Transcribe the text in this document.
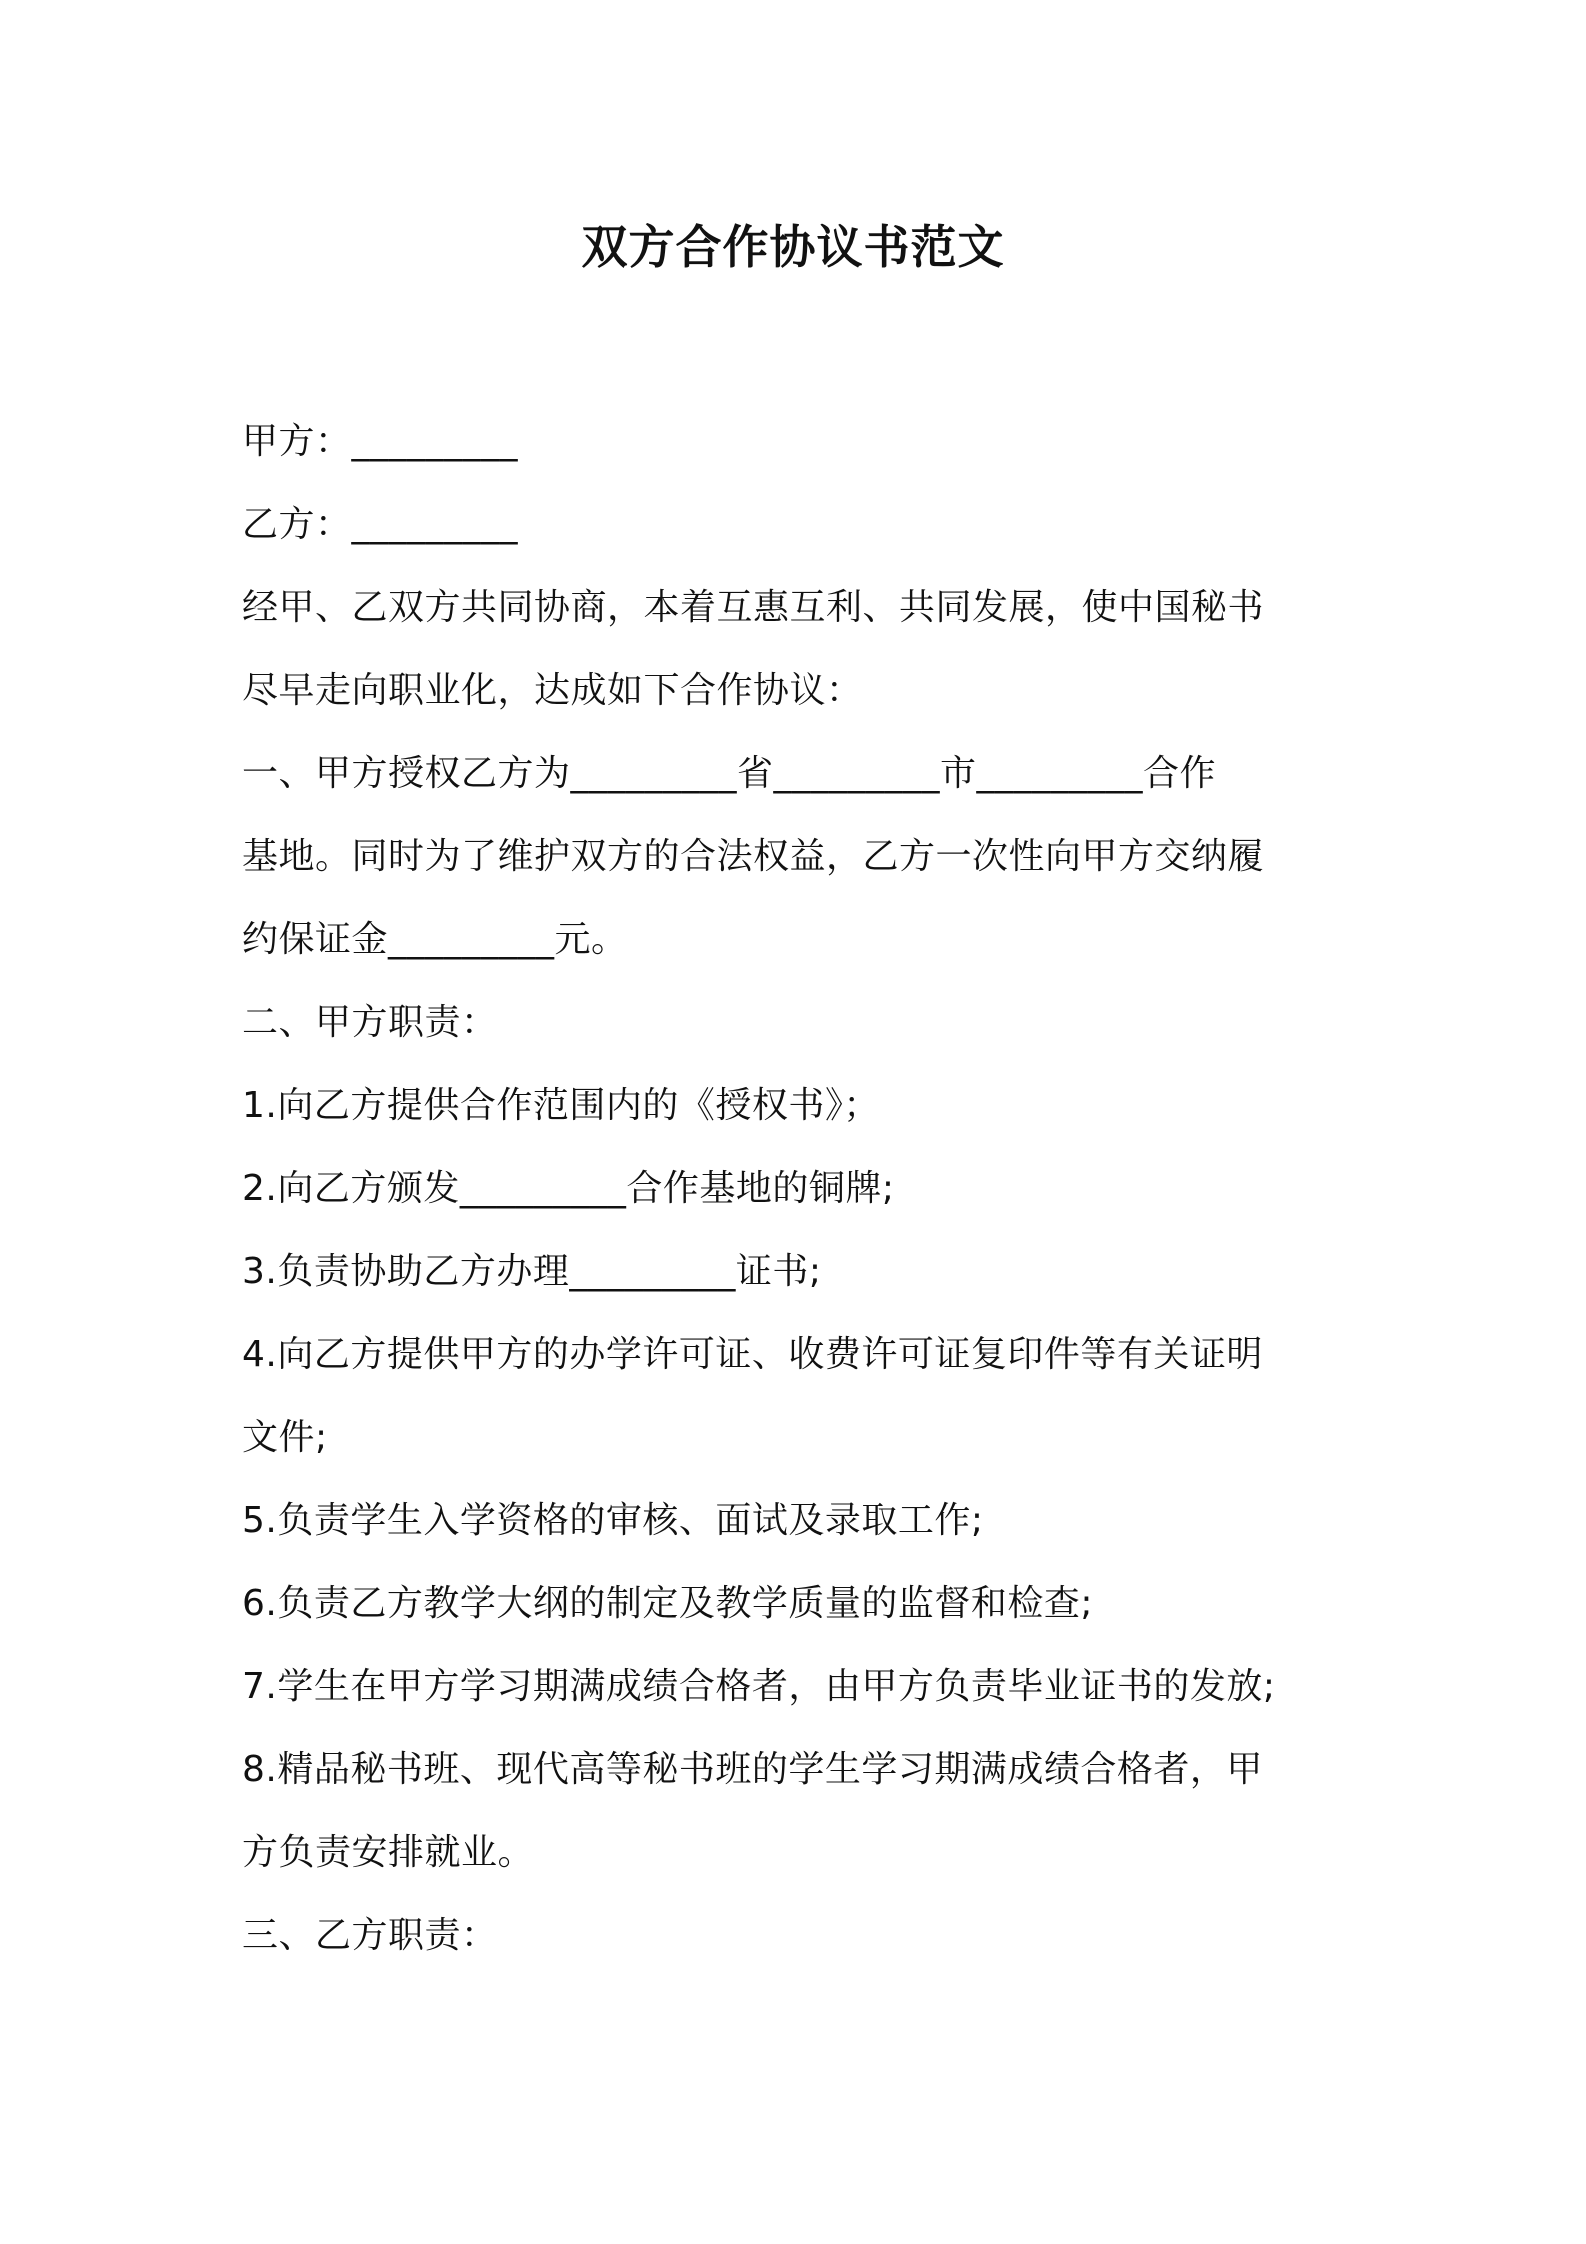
双方合作协议书范文
甲方：_________
乙方：_________
经甲、乙双方共同协商，本着互惠互利、共同发展，使中国秘书
尽早走向职业化，达成如下合作协议：
一、甲方授权乙方为_________省_________市_________合作
基地。同时为了维护双方的合法权益，乙方一次性向甲方交纳履
约保证金_________元。
二、甲方职责：
1.向乙方提供合作范围内的《授权书》；
2.向乙方颁发_________合作基地的铜牌;
3.负责协助乙方办理_________证书;
4.向乙方提供甲方的办学许可证、收费许可证复印件等有关证明
文件;
5.负责学生入学资格的审核、面试及录取工作;
6.负责乙方教学大纲的制定及教学质量的监督和检查;
7.学生在甲方学习期满成绩合格者，由甲方负责毕业证书的发放;
8.精品秘书班、现代高等秘书班的学生学习期满成绩合格者，甲
方负责安排就业。
三、乙方职责：
